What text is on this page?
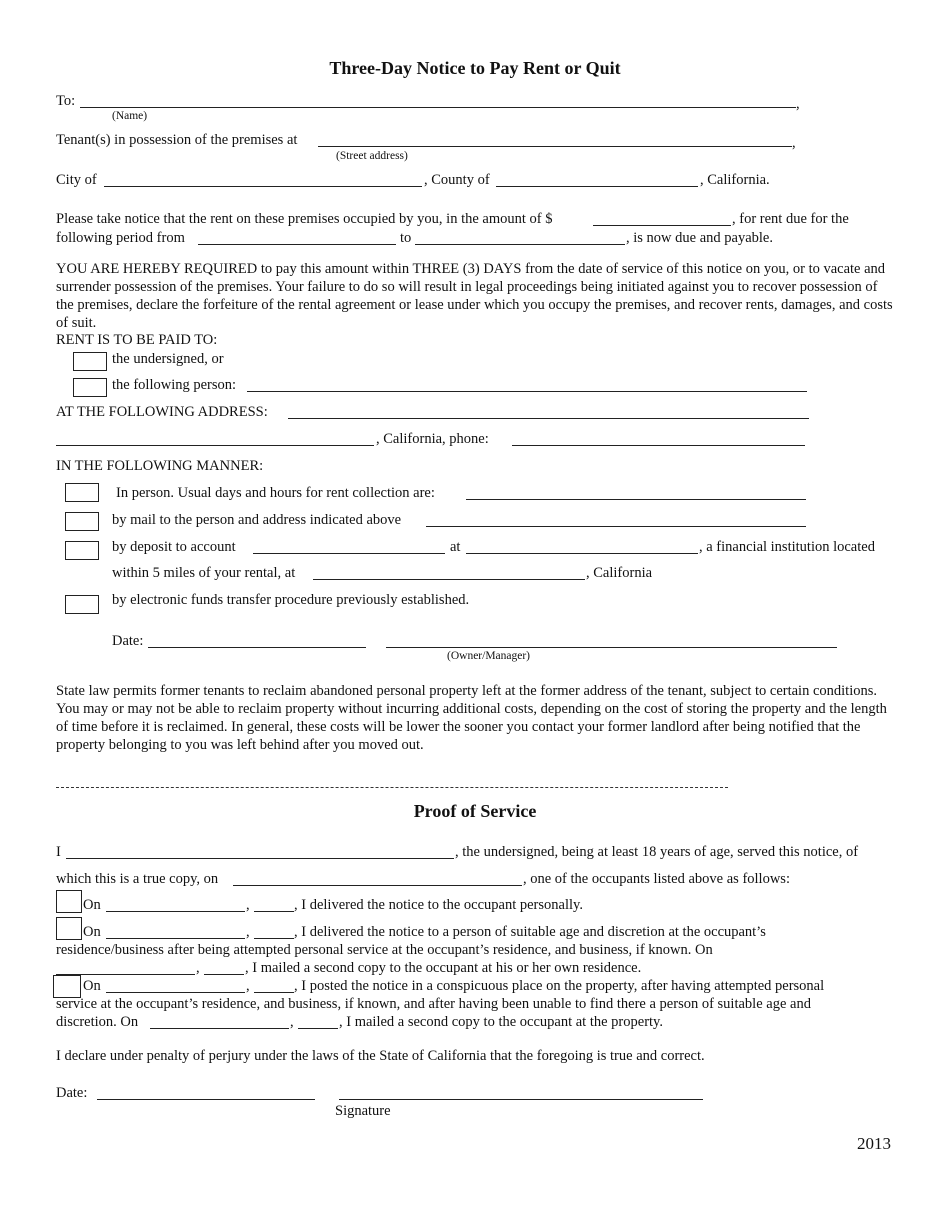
Three-Day Notice to Pay Rent or Quit
To:	,
(Name)
Tenant(s) in possession of the premises at	,
(Street address)
City of	, County of	, California.
Please take notice that the rent on these premises occupied by you, in the amount of $	, for rent due for the
following period from	to	, is now due and payable.
YOU ARE HEREBY REQUIRED to pay this amount within THREE (3) DAYS from the date of service of this notice on you, or to vacate and surrender possession of the premises. Your failure to do so will result in legal proceedings being initiated against you to recover possession of the premises, declare the forfeiture of the rental agreement or lease under which you occupy the premises, and recover rents, damages, and costs of suit.
RENT IS TO BE PAID TO:
the undersigned, or
the following person:
AT THE FOLLOWING ADDRESS:
, California, phone:
IN THE FOLLOWING MANNER:
In person. Usual days and hours for rent collection are:
by mail to the person and address indicated above
by deposit to account	at	, a financial institution located
within 5 miles of your rental, at	, California
by electronic funds transfer procedure previously established.
Date:
(Owner/Manager)
State law permits former tenants to reclaim abandoned personal property left at the former address of the tenant, subject to certain conditions. You may or may not be able to reclaim property without incurring additional costs, depending on the cost of storing the property and the length of time before it is reclaimed. In general, these costs will be lower the sooner you contact your former landlord after being notified that the property belonging to you was left behind after you moved out.
Proof of Service
I	, the undersigned, being at least 18 years of age, served this notice, of
which this is a true copy, on	, one of the occupants listed above as follows:
On	,	, I delivered the notice to the occupant personally.
On	,	, I delivered the notice to a person of suitable age and discretion at the occupant’s
residence/business after being attempted personal service at the occupant’s residence, and business, if known. On
,	, I mailed a second copy to the occupant at his or her own residence.
On	,	, I posted the notice in a conspicuous place on the property, after having attempted personal
service at the occupant’s residence, and business, if known, and after having been unable to find there a person of suitable age and
discretion. On	,	, I mailed a second copy to the occupant at the property.
I declare under penalty of perjury under the laws of the State of California that the foregoing is true and correct.
Date:
Signature
2013
